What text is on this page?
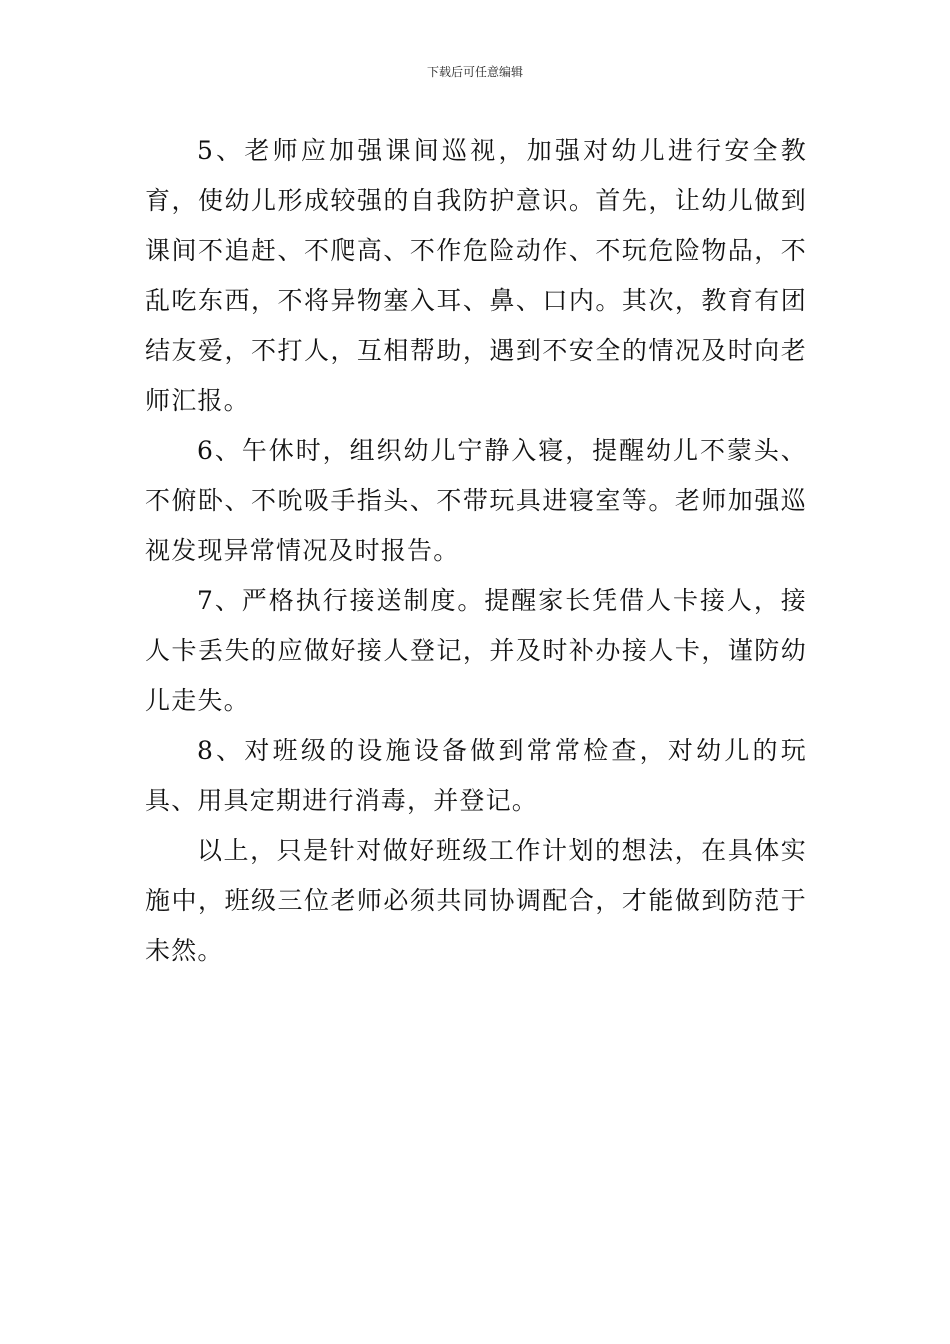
下载后可任意编辑

5、老师应加强课间巡视，加强对幼儿进行安全教育，使幼儿形成较强的自我防护意识。首先，让幼儿做到课间不追赶、不爬高、不作危险动作、不玩危险物品，不乱吃东西，不将异物塞入耳、鼻、口内。其次，教育有团结友爱，不打人，互相帮助，遇到不安全的情况及时向老师汇报。

6、午休时，组织幼儿宁静入寝，提醒幼儿不蒙头、不俯卧、不吮吸手指头、不带玩具进寝室等。老师加强巡视发现异常情况及时报告。

7、严格执行接送制度。提醒家长凭借人卡接人，接人卡丢失的应做好接人登记，并及时补办接人卡，谨防幼儿走失。

8、对班级的设施设备做到常常检查，对幼儿的玩具、用具定期进行消毒，并登记。

以上，只是针对做好班级工作计划的想法，在具体实施中，班级三位老师必须共同协调配合，才能做到防范于未然。
